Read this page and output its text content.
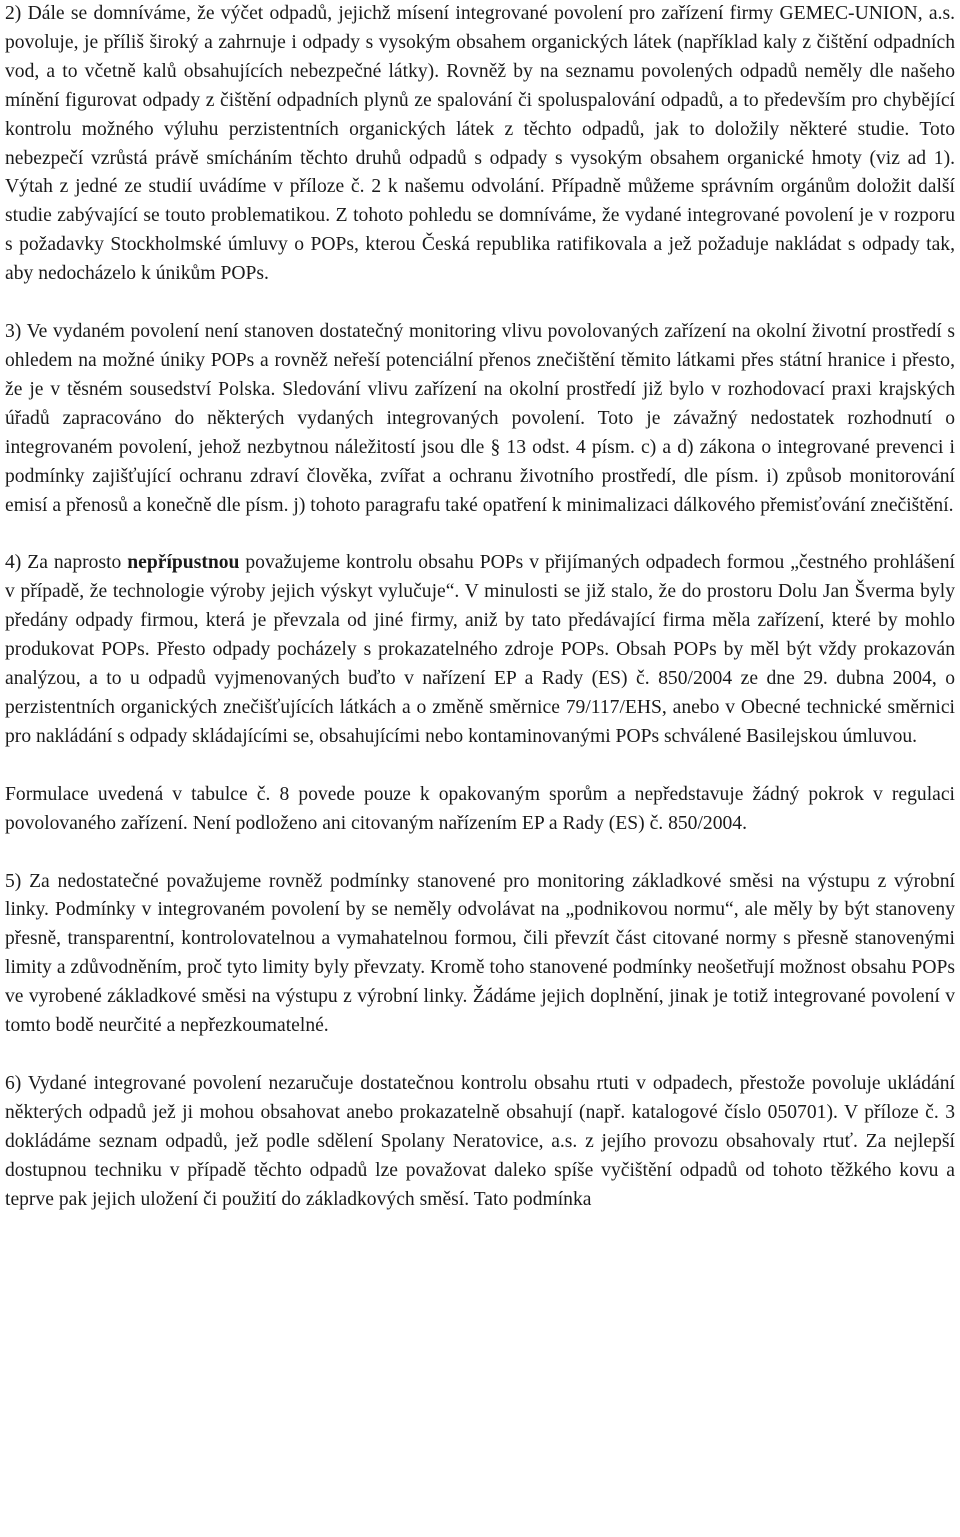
2) Dále se domníváme, že výčet odpadů, jejichž mísení integrované povolení pro zařízení firmy GEMEC-UNION, a.s. povoluje, je příliš široký a zahrnuje i odpady s vysokým obsahem organických látek (například kaly z čištění odpadních vod, a to včetně kalů obsahujících nebezpečné látky). Rovněž by na seznamu povolených odpadů neměly dle našeho mínění figurovat odpady z čištění odpadních plynů ze spalování či spoluspalování odpadů, a to především pro chybějící kontrolu možného výluhu perzistentních organických látek z těchto odpadů, jak to doložily některé studie. Toto nebezpečí vzrůstá právě smícháním těchto druhů odpadů s odpady s vysokým obsahem organické hmoty (viz ad 1). Výtah z jedné ze studií uvádíme v příloze č. 2 k našemu odvolání. Případně můžeme správním orgánům doložit další studie zabývající se touto problematikou. Z tohoto pohledu se domníváme, že vydané integrované povolení je v rozporu s požadavky Stockholmské úmluvy o POPs, kterou Česká republika ratifikovala a jež požaduje nakládat s odpady tak, aby nedocházelo k únikům POPs.

3) Ve vydaném povolení není stanoven dostatečný monitoring vlivu povolovaných zařízení na okolní životní prostředí s ohledem na možné úniky POPs a rovněž neřeší potenciální přenos znečištění těmito látkami přes státní hranice i přesto, že je v těsném sousedství Polska. Sledování vlivu zařízení na okolní prostředí již bylo v rozhodovací praxi krajských úřadů zapracováno do některých vydaných integrovaných povolení. Toto je závažný nedostatek rozhodnutí o integrovaném povolení, jehož nezbytnou náležitostí jsou dle § 13 odst. 4 písm. c) a d) zákona o integrované prevenci i podmínky zajišťující ochranu zdraví člověka, zvířat a ochranu životního prostředí, dle písm. i) způsob monitorování emisí a přenosů a konečně dle písm. j) tohoto paragrafu také opatření k minimalizaci dálkového přemisťování znečištění.

4) Za naprosto nepřípustnou považujeme kontrolu obsahu POPs v přijímaných odpadech formou „čestného prohlášení v případě, že technologie výroby jejich výskyt vylučuje“. V minulosti se již stalo, že do prostoru Dolu Jan Šverma byly předány odpady firmou, která je převzala od jiné firmy, aniž by tato předávající firma měla zařízení, které by mohlo produkovat POPs. Přesto odpady pocházely s prokazatelného zdroje POPs. Obsah POPs by měl být vždy prokazován analýzou, a to u odpadů vyjmenovaných buďto v nařízení EP a Rady (ES) č. 850/2004 ze dne 29. dubna 2004, o perzistentních organických znečišťujících látkách a o změně směrnice 79/117/EHS, anebo v Obecné technické směrnici pro nakládání s odpady skládajícími se, obsahujícími nebo kontaminovanými POPs schválené Basilejskou úmluvou.

Formulace uvedená v tabulce č. 8 povede pouze k opakovaným sporům a nepředstavuje žádný pokrok v regulaci povolovaného zařízení. Není podloženo ani citovaným nařízením EP a Rady (ES) č. 850/2004.

5) Za nedostatečné považujeme rovněž podmínky stanovené pro monitoring základkové směsi na výstupu z výrobní linky. Podmínky v integrovaném povolení by se neměly odvolávat na „podnikovou normu“, ale měly by být stanoveny přesně, transparentní, kontrolovatelnou a vymahatelnou formou, čili převzít část citované normy s přesně stanovenými limity a zdůvodněním, proč tyto limity byly převzaty. Kromě toho stanovené podmínky neošetřují možnost obsahu POPs ve vyrobené základkové směsi na výstupu z výrobní linky. Žádáme jejich doplnění, jinak je totiž integrované povolení v tomto bodě neurčité a nepřezkoumatelné.

6) Vydané integrované povolení nezaručuje dostatečnou kontrolu obsahu rtuti v odpadech, přestože povoluje ukládání některých odpadů jež ji mohou obsahovat anebo prokazatelně obsahují (např. katalogové číslo 050701). V příloze č. 3 dokládáme seznam odpadů, jež podle sdělení Spolany Neratovice, a.s. z jejího provozu obsahovaly rtuť. Za nejlepší dostupnou techniku v případě těchto odpadů lze považovat daleko spíše vyčištění odpadů od tohoto těžkého kovu a teprve pak jejich uložení či použití do základkových směsí. Tato podmínka
